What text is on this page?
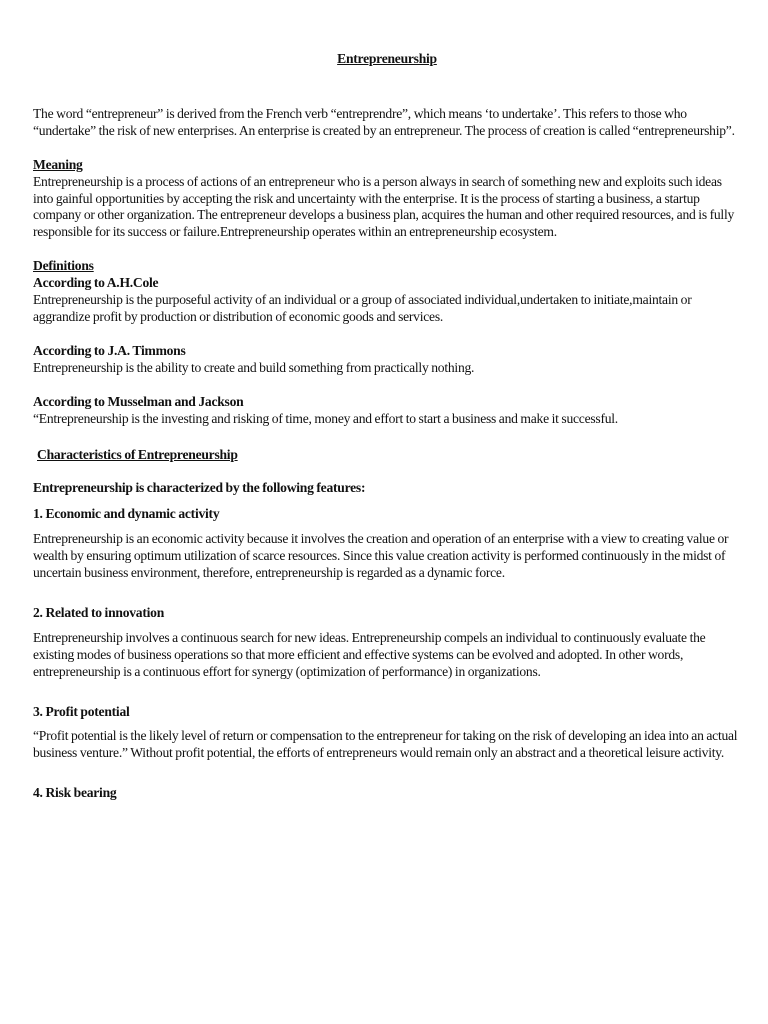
Entrepreneurship

The word “entrepreneur” is derived from the French verb “entreprendre”, which means ‘to undertake’. This refers to those who “undertake” the risk of new enterprises. An enterprise is created by an entrepreneur. The process of creation is called “entrepreneurship”.

Meaning

Entrepreneurship is a process of actions of an entrepreneur who is a person always in search of something new and exploits such ideas into gainful opportunities by accepting the risk and uncertainty with the enterprise. It is the process of starting a business, a startup company or other organization. The entrepreneur develops a business plan, acquires the human and other required resources, and is fully responsible for its success or failure.Entrepreneurship operates within an entrepreneurship ecosystem.

Definitions
According to A.H.Cole

Entrepreneurship is the purposeful activity of an individual or a group of associated individual,undertaken to initiate,maintain or aggrandize profit by production or distribution of economic goods and services.

According to J.A. Timmons

Entrepreneurship is the ability to create and build something from practically nothing.

According to Musselman and Jackson

“Entrepreneurship is the investing and risking of time, money and effort to start a business and make it successful.

Characteristics of Entrepreneurship
Entrepreneurship is characterized by the following features:
1. Economic and dynamic activity

Entrepreneurship is an economic activity because it involves the creation and operation of an enterprise with a view to creating value or wealth by ensuring optimum utilization of scarce resources. Since this value creation activity is performed continuously in the midst of uncertain business environment, therefore, entrepreneurship is regarded as a dynamic force.

2. Related to innovation

Entrepreneurship involves a continuous search for new ideas. Entrepreneurship compels an individual to continuously evaluate the existing modes of business operations so that more efficient and effective systems can be evolved and adopted. In other words, entrepreneurship is a continuous effort for synergy (optimization of performance) in organizations.

3. Profit potential

“Profit potential is the likely level of return or compensation to the entrepreneur for taking on the risk of developing an idea into an actual business venture.” Without profit potential, the efforts of entrepreneurs would remain only an abstract and a theoretical leisure activity.

4. Risk bearing
